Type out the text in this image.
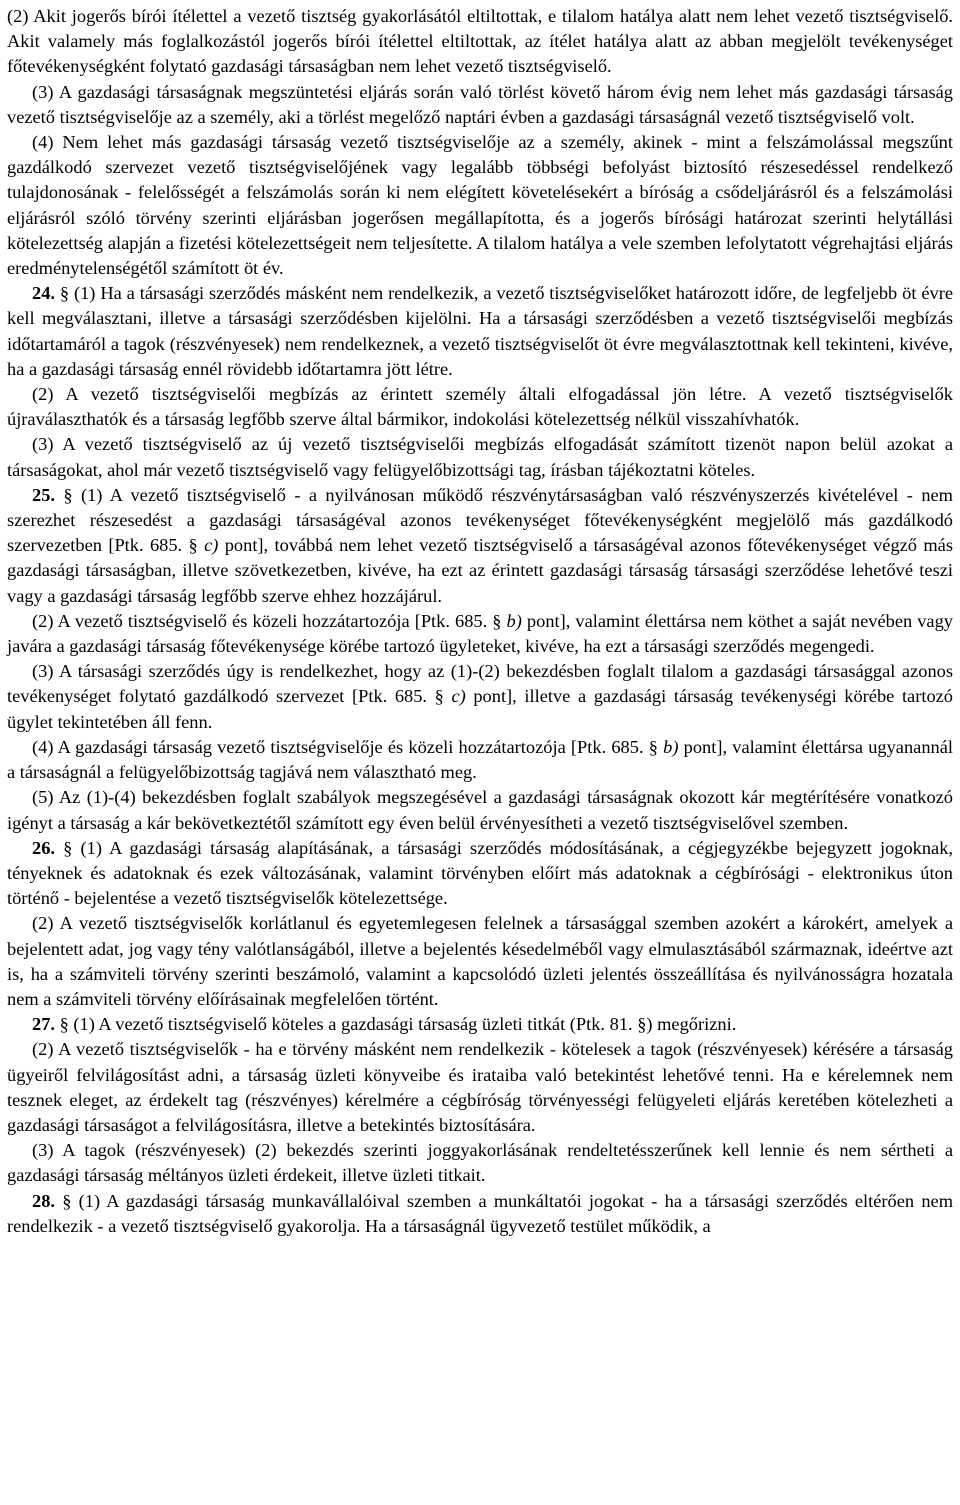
(2) Akit jogerős bírói ítélettel a vezető tisztség gyakorlásától eltiltottak, e tilalom hatálya alatt nem lehet vezető tisztségviselő. Akit valamely más foglalkozástól jogerős bírói ítélettel eltiltottak, az ítélet hatálya alatt az abban megjelölt tevékenységet főtevékenységként folytató gazdasági társaságban nem lehet vezető tisztségviselő.

(3) A gazdasági társaságnak megszüntetési eljárás során való törlést követő három évig nem lehet más gazdasági társaság vezető tisztségviselője az a személy, aki a törlést megelőző naptári évben a gazdasági társaságnál vezető tisztségviselő volt.

(4) Nem lehet más gazdasági társaság vezető tisztségviselője az a személy, akinek - mint a felszámolással megszűnt gazdálkodó szervezet vezető tisztségviselőjének vagy legalább többségi befolyást biztosító részesedéssel rendelkező tulajdonosának - felelősségét a felszámolás során ki nem elégített követelésekért a bíróság a csődeljárásról és a felszámolási eljárásról szóló törvény szerinti eljárásban jogerősen megállapította, és a jogerős bírósági határozat szerinti helytállási kötelezettség alapján a fizetési kötelezettségeit nem teljesítette. A tilalom hatálya a vele szemben lefolytatott végrehajtási eljárás eredménytelenségétől számított öt év.

24. § (1) Ha a társasági szerződés másként nem rendelkezik, a vezető tisztségviselőket határozott időre, de legfeljebb öt évre kell megválasztani, illetve a társasági szerződésben kijelölni. Ha a társasági szerződésben a vezető tisztségviselői megbízás időtartamáról a tagok (részvényesek) nem rendelkeznek, a vezető tisztségviselőt öt évre megválasztottnak kell tekinteni, kivéve, ha a gazdasági társaság ennél rövidebb időtartamra jött létre.

(2) A vezető tisztségviselői megbízás az érintett személy általi elfogadással jön létre. A vezető tisztségviselők újraválaszthatók és a társaság legfőbb szerve által bármikor, indokolási kötelezettség nélkül visszahívhatók.

(3) A vezető tisztségviselő az új vezető tisztségviselői megbízás elfogadását számított tizenöt napon belül azokat a társaságokat, ahol már vezető tisztségviselő vagy felügyelőbizottsági tag, írásban tájékoztatni köteles.

25. § (1) A vezető tisztségviselő - a nyilvánosan működő részvénytársaságban való részvényszerzés kivételével - nem szerezhet részesedést a gazdasági társaságéval azonos tevékenységet főtevékenységként megjelölő más gazdálkodó szervezetben [Ptk. 685. § c) pont], továbbá nem lehet vezető tisztségviselő a társaságéval azonos főtevékenységet végző más gazdasági társaságban, illetve szövetkezetben, kivéve, ha ezt az érintett gazdasági társaság társasági szerződése lehetővé teszi vagy a gazdasági társaság legfőbb szerve ehhez hozzájárul.

(2) A vezető tisztségviselő és közeli hozzátartozója [Ptk. 685. § b) pont], valamint élettársa nem köthet a saját nevében vagy javára a gazdasági társaság főtevékenysége körébe tartozó ügyleteket, kivéve, ha ezt a társasági szerződés megengedi.

(3) A társasági szerződés úgy is rendelkezhet, hogy az (1)-(2) bekezdésben foglalt tilalom a gazdasági társasággal azonos tevékenységet folytató gazdálkodó szervezet [Ptk. 685. § c) pont], illetve a gazdasági társaság tevékenységi körébe tartozó ügylet tekintetében áll fenn.

(4) A gazdasági társaság vezető tisztségviselője és közeli hozzátartozója [Ptk. 685. § b) pont], valamint élettársa ugyanannál a társaságnál a felügyelőbizottság tagjává nem választható meg.

(5) Az (1)-(4) bekezdésben foglalt szabályok megszegésével a gazdasági társaságnak okozott kár megtérítésére vonatkozó igényt a társaság a kár bekövetkeztétől számított egy éven belül érvényesítheti a vezető tisztségviselővel szemben.

26. § (1) A gazdasági társaság alapításának, a társasági szerződés módosításának, a cégjegyzékbe bejegyzett jogoknak, tényeknek és adatoknak és ezek változásának, valamint törvényben előírt más adatoknak a cégbírósági - elektronikus úton történő - bejelentése a vezető tisztségviselők kötelezettsége.

(2) A vezető tisztségviselők korlátlanul és egyetemlegesen felelnek a társasággal szemben azokért a károkért, amelyek a bejelentett adat, jog vagy tény valótlanságából, illetve a bejelentés késedelméből vagy elmulasztásából származnak, ideértve azt is, ha a számviteli törvény szerinti beszámoló, valamint a kapcsolódó üzleti jelentés összeállítása és nyilvánosságra hozatala nem a számviteli törvény előírásainak megfelelően történt.

27. § (1) A vezető tisztségviselő köteles a gazdasági társaság üzleti titkát (Ptk. 81. §) megőrizni.

(2) A vezető tisztségviselők - ha e törvény másként nem rendelkezik - kötelesek a tagok (részvényesek) kérésére a társaság ügyeiről felvilágosítást adni, a társaság üzleti könyveibe és irataiba való betekintést lehetővé tenni. Ha e kérelemnek nem tesznek eleget, az érdekelt tag (részvényes) kérelmére a cégbíróság törvényességi felügyeleti eljárás keretében kötelezheti a gazdasági társaságot a felvilágosításra, illetve a betekintés biztosítására.

(3) A tagok (részvényesek) (2) bekezdés szerinti joggyakorlásának rendeltetésszerűnek kell lennie és nem sértheti a gazdasági társaság méltányos üzleti érdekeit, illetve üzleti titkait.

28. § (1) A gazdasági társaság munkavállalóival szemben a munkáltatói jogokat - ha a társasági szerződés eltérően nem rendelkezik - a vezető tisztségviselő gyakorolja. Ha a társaságnál ügyvezető testület működik, a
